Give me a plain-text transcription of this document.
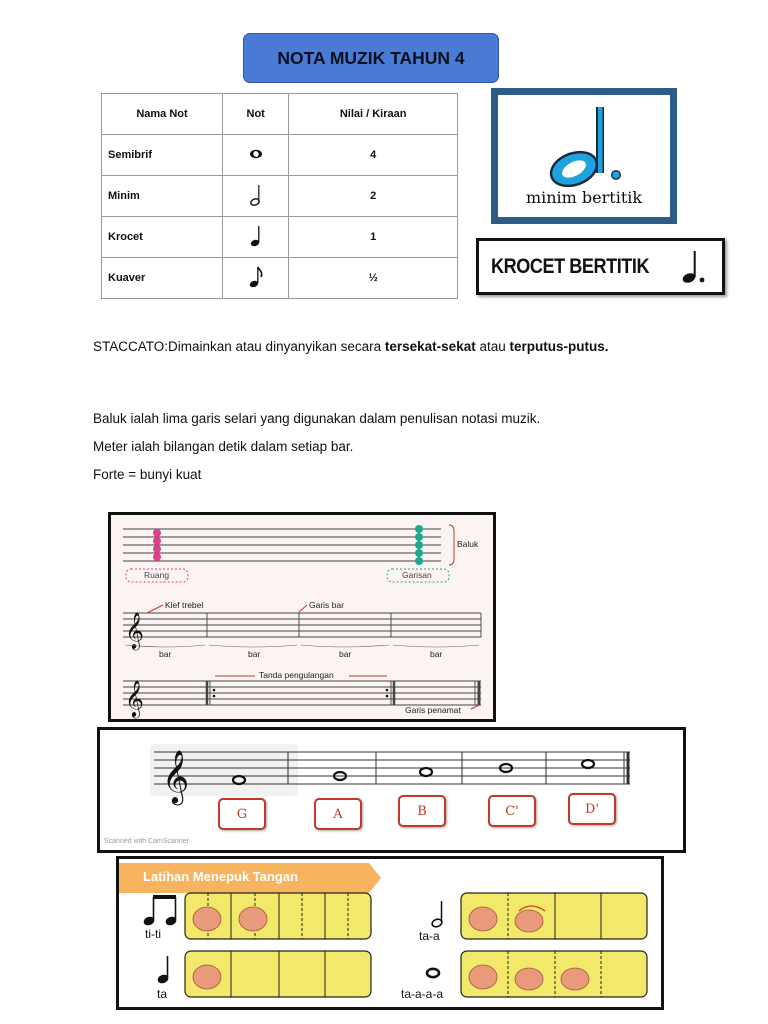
NOTA MUZIK TAHUN 4
Nama Not	Not	Nilai / Kiraan
Semibrif		4
Minim		2
Krocet		1
Kuaver		½
minim bertitik
KROCET BERTITIK
STACCATO:Dimainkan atau dinyanyikan secara tersekat-sekat atau terputus-putus.
Baluk ialah lima garis selari yang digunakan dalam penulisan notasi muzik.
Meter ialah bilangan detik dalam setiap bar.
Forte = bunyi kuat
𝄞
𝄞
Baluk
Ruang	Garisan
Klef trebel	Garis bar
bar	bar	bar	bar
Tanda pengulangan
Garis penamat
𝄞
G	A	B	C'	D'
Scanned with CamScanner
Latihan Menepuk Tangan
ti-ti
ta
ta-a
ta-a-a-a
